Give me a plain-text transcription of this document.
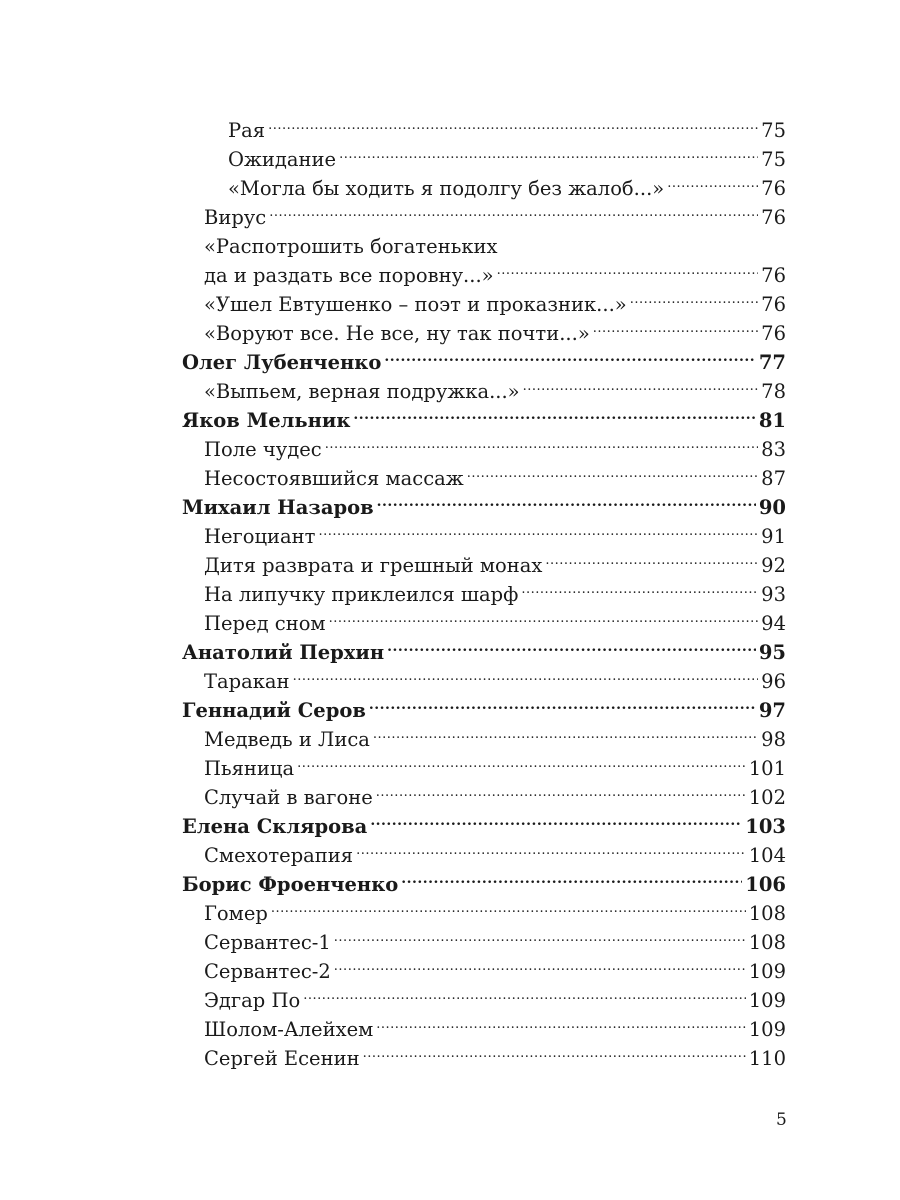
Рая .....	75
Ожидание .....	75
«Могла бы ходить я подолгу без жалоб...» .....	76
Вирус .....	76
«Распотрошить богатеньких
да и раздать все поровну...» .....	76
«Ушел Евтушенко – поэт и проказник...» .....	76
«Воруют все. Не все, ну так почти...» .....	76
Олег Лубенченко .....	77
«Выпьем, верная подружка...» .....	78
Яков Мельник .....	81
Поле чудес .....	83
Несостоявшийся массаж .....	87
Михаил Назаров .....	90
Негоциант .....	91
Дитя разврата и грешный монах .....	92
На липучку приклеился шарф .....	93
Перед сном .....	94
Анатолий Перхин .....	95
Таракан .....	96
Геннадий Серов .....	97
Медведь и Лиса .....	98
Пьяница .....	101
Случай в вагоне .....	102
Елена Склярова .....	103
Смехотерапия .....	104
Борис Фроенченко .....	106
Гомер .....	108
Сервантес-1 .....	108
Сервантес-2 .....	109
Эдгар По .....	109
Шолом-Алейхем .....	109
Сергей Есенин .....	110
5
